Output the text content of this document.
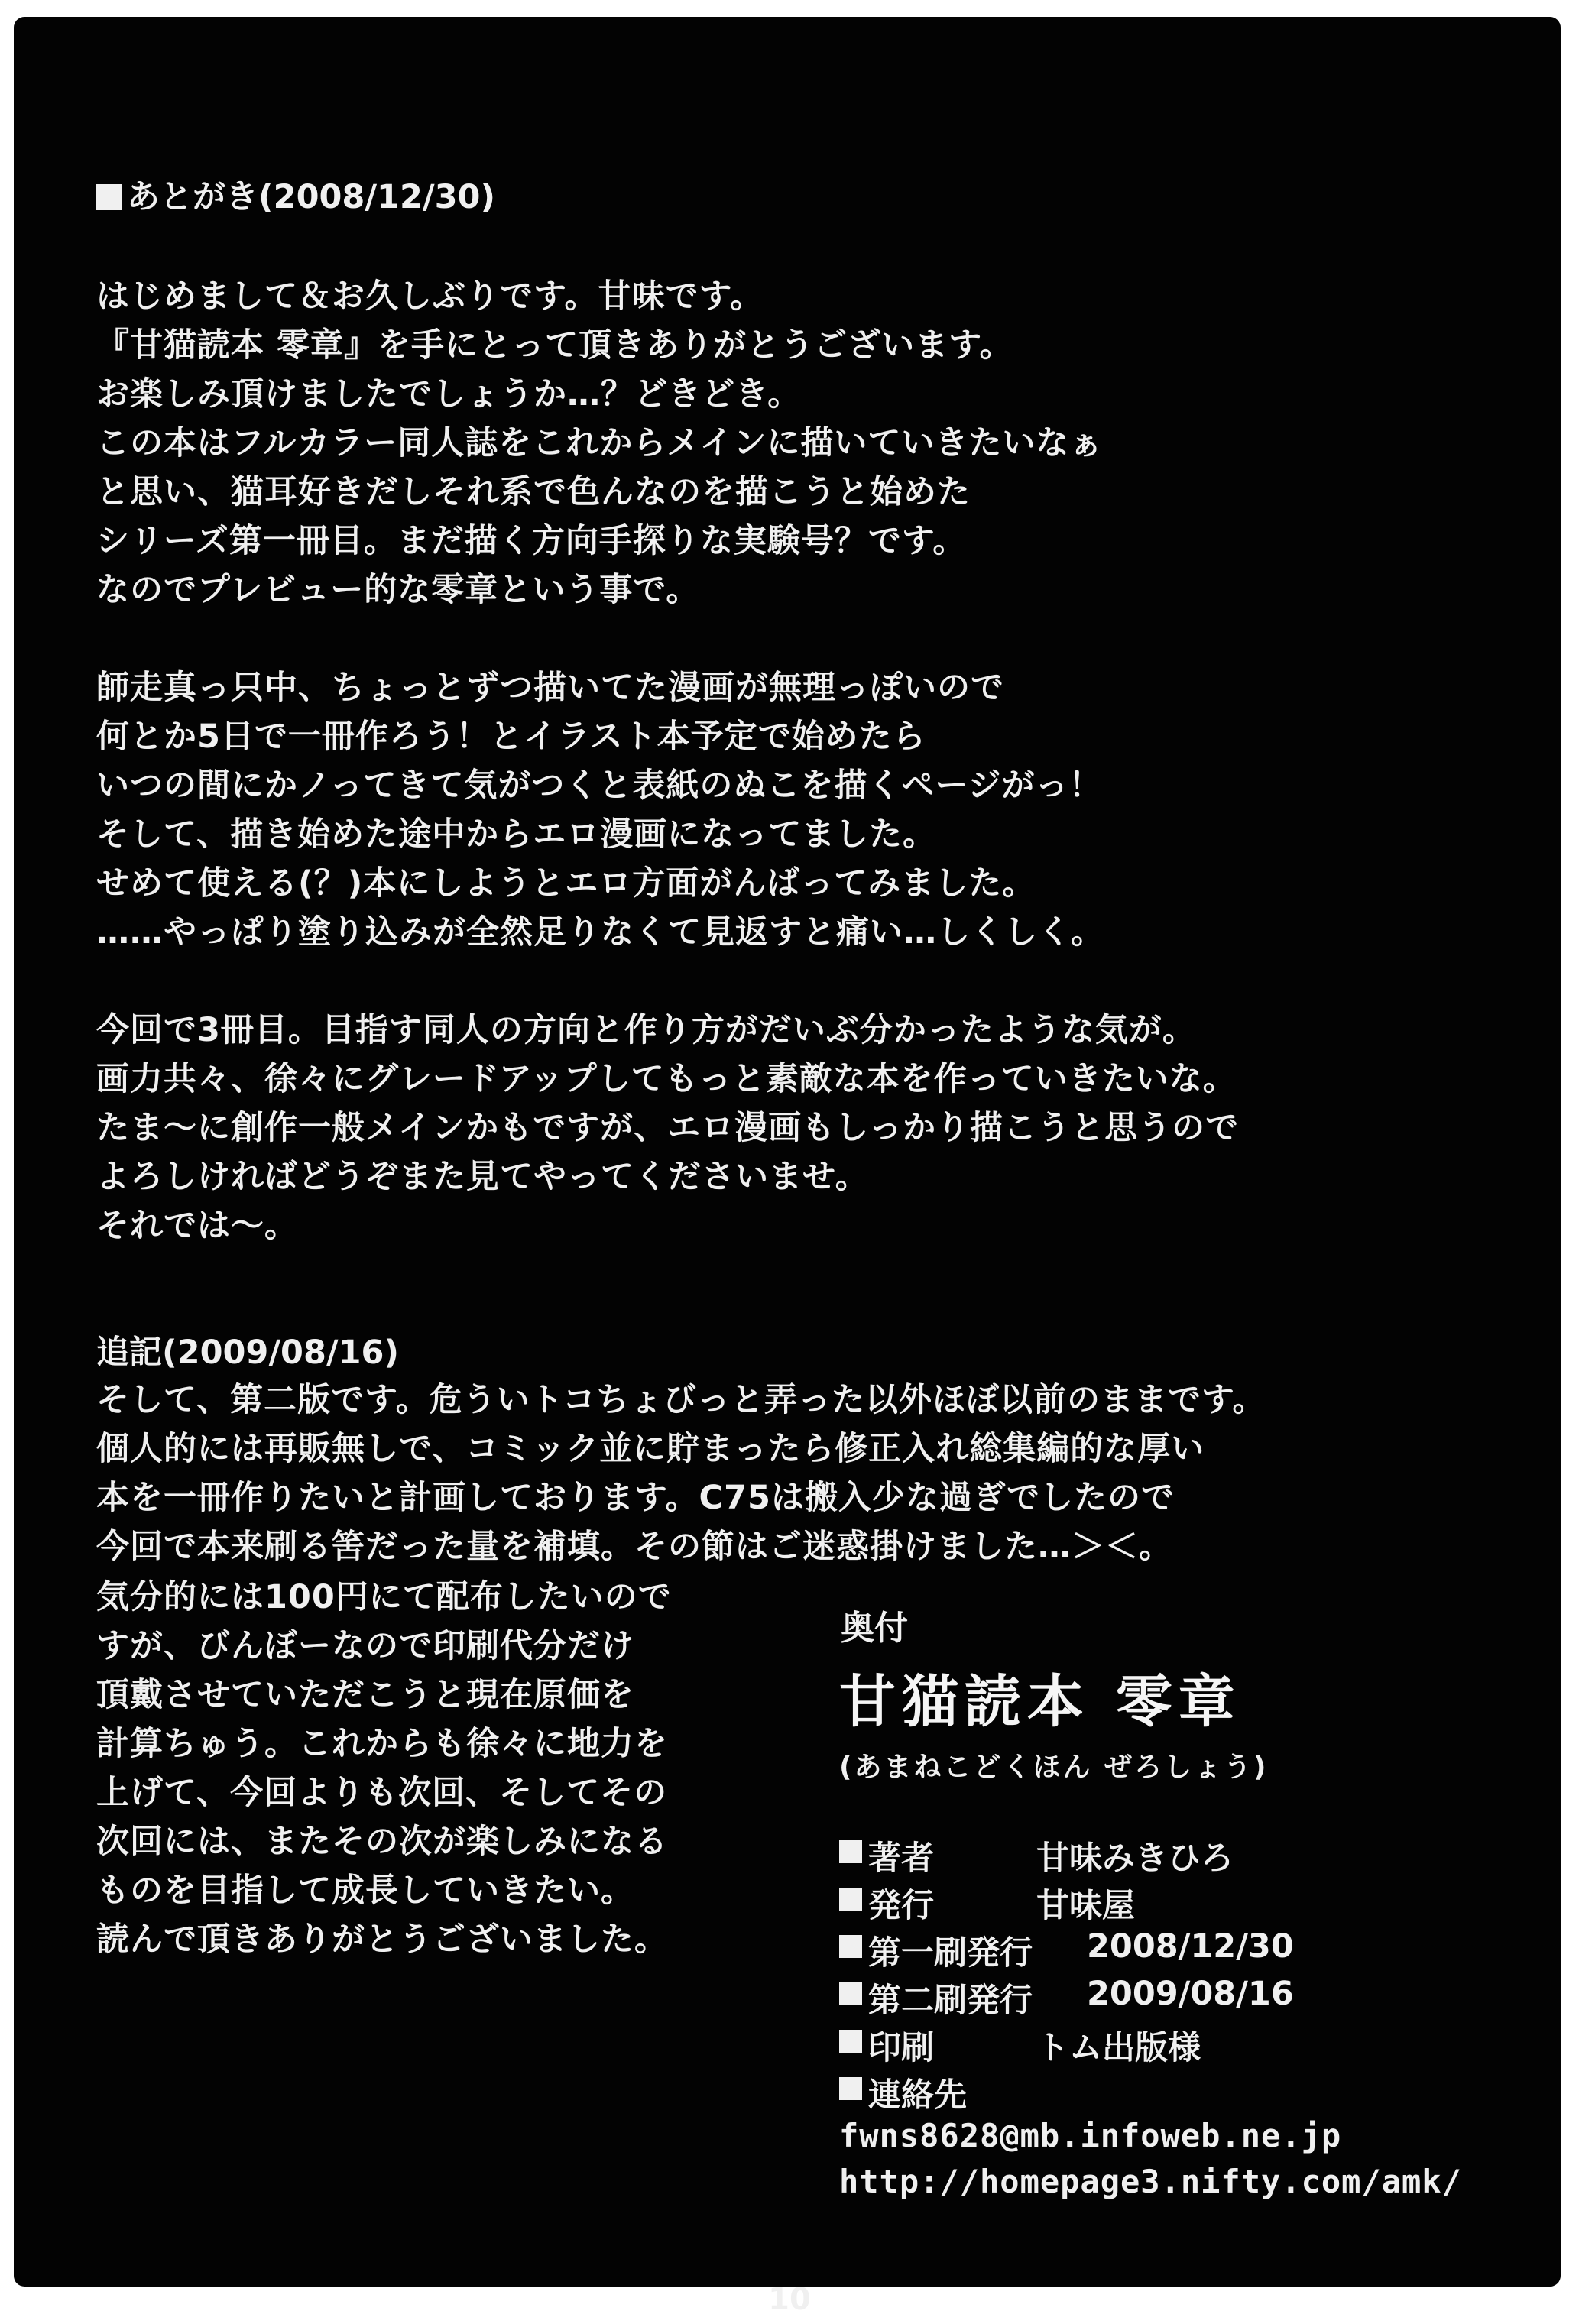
あとがき(2008/12/30)
はじめまして＆お久しぶりです。甘味です。
『甘猫読本 零章』を手にとって頂きありがとうございます。
お楽しみ頂けましたでしょうか…？どきどき。
この本はフルカラー同人誌をこれからメインに描いていきたいなぁ
と思い、猫耳好きだしそれ系で色んなのを描こうと始めた
シリーズ第一冊目。まだ描く方向手探りな実験号？です。
なのでプレビュー的な零章という事で。

師走真っ只中、ちょっとずつ描いてた漫画が無理っぽいので
何とか5日で一冊作ろう！とイラスト本予定で始めたら
いつの間にかノってきて気がつくと表紙のぬこを描くページがっ！
そして、描き始めた途中からエロ漫画になってました。
せめて使える(？)本にしようとエロ方面がんばってみました。
……やっぱり塗り込みが全然足りなくて見返すと痛い…しくしく。

今回で3冊目。目指す同人の方向と作り方がだいぶ分かったような気が。
画力共々、徐々にグレードアップしてもっと素敵な本を作っていきたいな。
たま～に創作一般メインかもですが、エロ漫画もしっかり描こうと思うので
よろしければどうぞまた見てやってくださいませ。
それでは～。
追記(2009/08/16)
そして、第二版です。危ういトコちょびっと弄った以外ほぼ以前のままです。
個人的には再販無しで、コミック並に貯まったら修正入れ総集編的な厚い
本を一冊作りたいと計画しております。C75は搬入少な過ぎでしたので
今回で本来刷る筈だった量を補填。その節はご迷惑掛けました…＞＜。
気分的には100円にて配布したいので
すが、びんぼーなので印刷代分だけ
頂戴させていただこうと現在原価を
計算ちゅう。これからも徐々に地力を
上げて、今回よりも次回、そしてその
次回には、またその次が楽しみになる
ものを目指して成長していきたい。
読んで頂きありがとうございました。
奥付
甘猫読本 零章
(あまねこどくほん ぜろしょう)
著者	甘味みきひろ
発行	甘味屋
第一刷発行 2008/12/30
第二刷発行 2009/08/16
印刷	トム出版様
連絡先
fwns8628@mb.infoweb.ne.jp
http://homepage3.nifty.com/amk/
10
